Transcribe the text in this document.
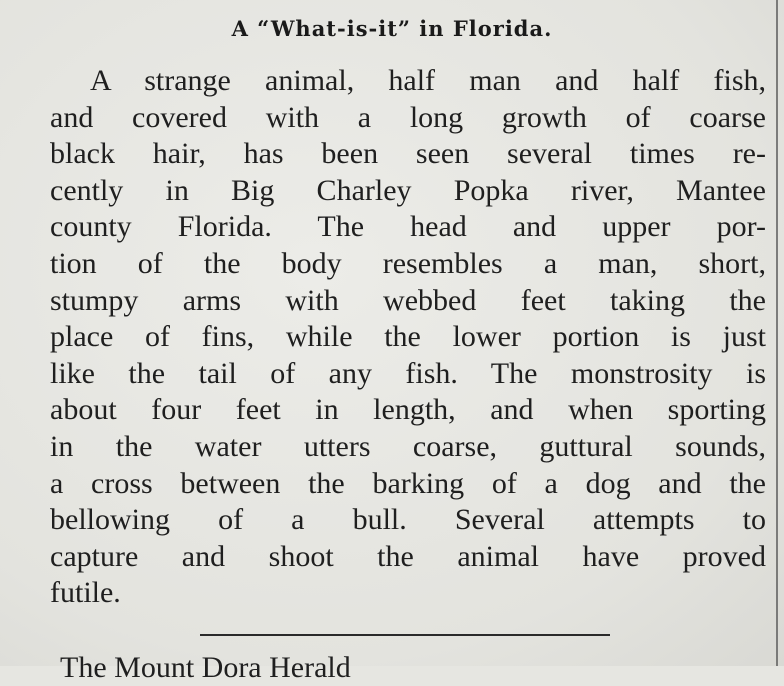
A “What-is-it” in Florida.
A strange animal, half man and half fish,
and covered with a long growth of coarse
black hair, has been seen several times re-
cently in Big Charley Popka river, Mantee
county Florida. The head and upper por-
tion of the body resembles a man, short,
stumpy arms with webbed feet taking the
place of fins, while the lower portion is just
like the tail of any fish. The monstrosity is
about four feet in length, and when sporting
in the water utters coarse, guttural sounds,
a cross between the barking of a dog and the
bellowing of a bull. Several attempts to
capture and shoot the animal have proved
futile.
The Mount Dora Herald
